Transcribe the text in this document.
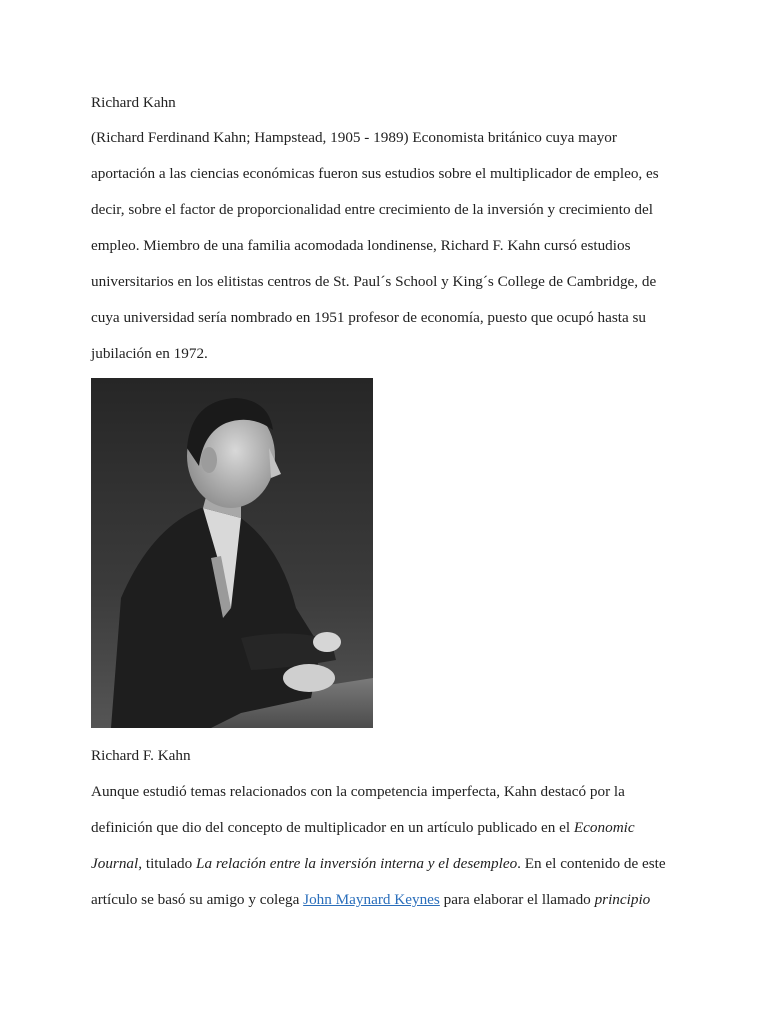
Richard Kahn
(Richard Ferdinand Kahn; Hampstead, 1905 - 1989) Economista británico cuya mayor
aportación a las ciencias económicas fueron sus estudios sobre el multiplicador de empleo, es
decir, sobre el factor de proporcionalidad entre crecimiento de la inversión y crecimiento del
empleo. Miembro de una familia acomodada londinense, Richard F. Kahn cursó estudios
universitarios en los elitistas centros de St. Paul´s School y King´s College de Cambridge, de
cuya universidad sería nombrado en 1951 profesor de economía, puesto que ocupó hasta su
jubilación en 1972.
Richard F. Kahn
Aunque estudió temas relacionados con la competencia imperfecta, Kahn destacó por la
definición que dio del concepto de multiplicador en un artículo publicado en el Economic
Journal, titulado La relación entre la inversión interna y el desempleo. En el contenido de este
artículo se basó su amigo y colega John Maynard Keynes para elaborar el llamado principio
